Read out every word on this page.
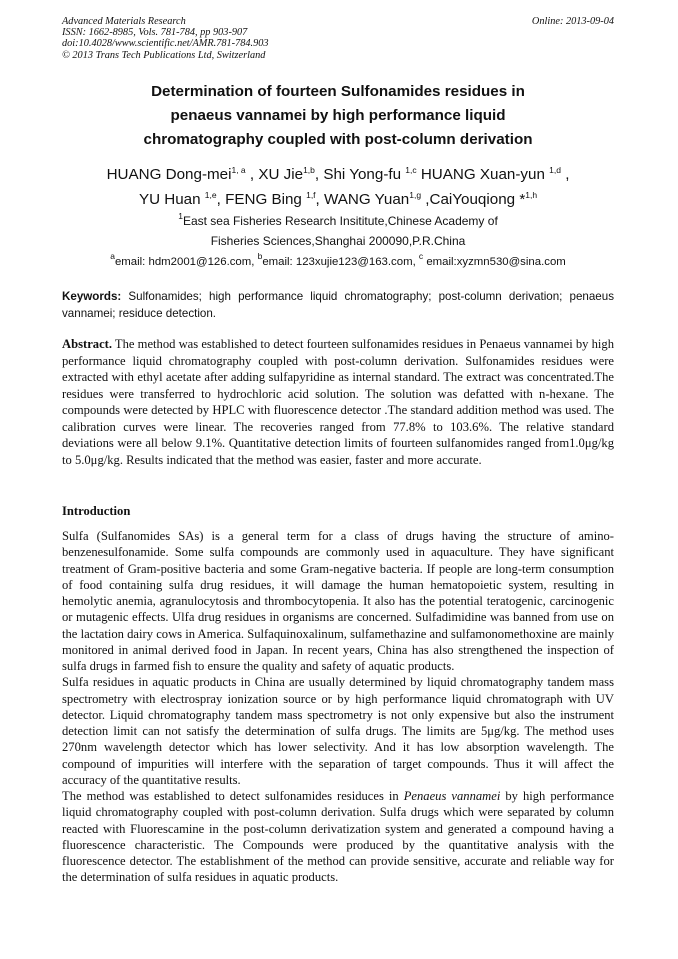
Advanced Materials Research
ISSN: 1662-8985, Vols. 781-784, pp 903-907
doi:10.4028/www.scientific.net/AMR.781-784.903
© 2013 Trans Tech Publications Ltd, Switzerland
Online: 2013-09-04
Determination of fourteen Sulfonamides residues in
penaeus vannamei by high performance liquid
chromatography coupled with post-column derivation
HUANG Dong-mei$^{1, a}$ , XU Jie$^{1,b}$, Shi Yong-fu $^{1,c}$ HUANG Xuan-yun $^{1,d}$ ,
YU Huan $^{1,e}$, FENG Bing $^{1,f}$, WANG Yuan$^{1,g}$ ,CaiYouqiong *$^{1,h}$
$^1$East sea Fisheries Research Insititute,Chinese Academy of
Fisheries Sciences,Shanghai 200090,P.R.China
$^a$email: hdm2001@126.com, $^b$email: 123xujie123@163.com, $^c$ email:xyzmn530@sina.com
Keywords: Sulfonamides; high performance liquid chromatography; post-column derivation; penaeus vannamei; residuce detection.
Abstract. The method was established to detect fourteen sulfonamides residues in Penaeus vannamei by high performance liquid chromatography coupled with post-column derivation. Sulfonamides residues were extracted with ethyl acetate after adding sulfapyridine as internal standard. The extract was concentrated.The residues were transferred to hydrochloric acid solution. The solution was defatted with n-hexane. The compounds were detected by HPLC with fluorescence detector .The standard addition method was used. The calibration curves were linear. The recoveries ranged from 77.8% to 103.6%. The relative standard deviations were all below 9.1%. Quantitative detection limits of fourteen sulfanomides ranged from1.0μg/kg to 5.0μg/kg. Results indicated that the method was easier, faster and more accurate.
Introduction

Sulfa (Sulfanomides SAs) is a general term for a class of drugs having the structure of amino-benzenesulfonamide. Some sulfa compounds are commonly used in aquaculture. They have significant treatment of Gram-positive bacteria and some Gram-negative bacteria. If people are long-term consumption of food containing sulfa drug residues, it will damage the human hematopoietic system, resulting in hemolytic anemia, agranulocytosis and thrombocytopenia. It also has the potential teratogenic, carcinogenic or mutagenic effects. Ulfa drug residues in organisms are concerned. Sulfadimidine was banned from use on the lactation dairy cows in America. Sulfaquinoxalinum, sulfamethazine and sulfamonomethoxine are mainly monitored in animal derived food in Japan. In recent years, China has also strengthened the inspection of sulfa drugs in farmed fish to ensure the quality and safety of aquatic products.

Sulfa residues in aquatic products in China are usually determined by liquid chromatography tandem mass spectrometry with electrospray ionization source or by high performance liquid chromatograph with UV detector. Liquid chromatography tandem mass spectrometry is not only expensive but also the instrument detection limit can not satisfy the determination of sulfa drugs. The limits are 5μg/kg. The method uses 270nm wavelength detector which has lower selectivity. And it has low absorption wavelength. The compound of impurities will interfere with the separation of target compounds. Thus it will affect the accuracy of the quantitative results.

The method was established to detect sulfonamides residuces in Penaeus vannamei by high performance liquid chromatography coupled with post-column derivation. Sulfa drugs which were separated by column reacted with Fluorescamine in the post-column derivatization system and generated a compound having a fluorescence characteristic. The Compounds were produced by the quantitative analysis with the fluorescence detector. The establishment of the method can provide sensitive, accurate and reliable way for the determination of sulfa residues in aquatic products.
